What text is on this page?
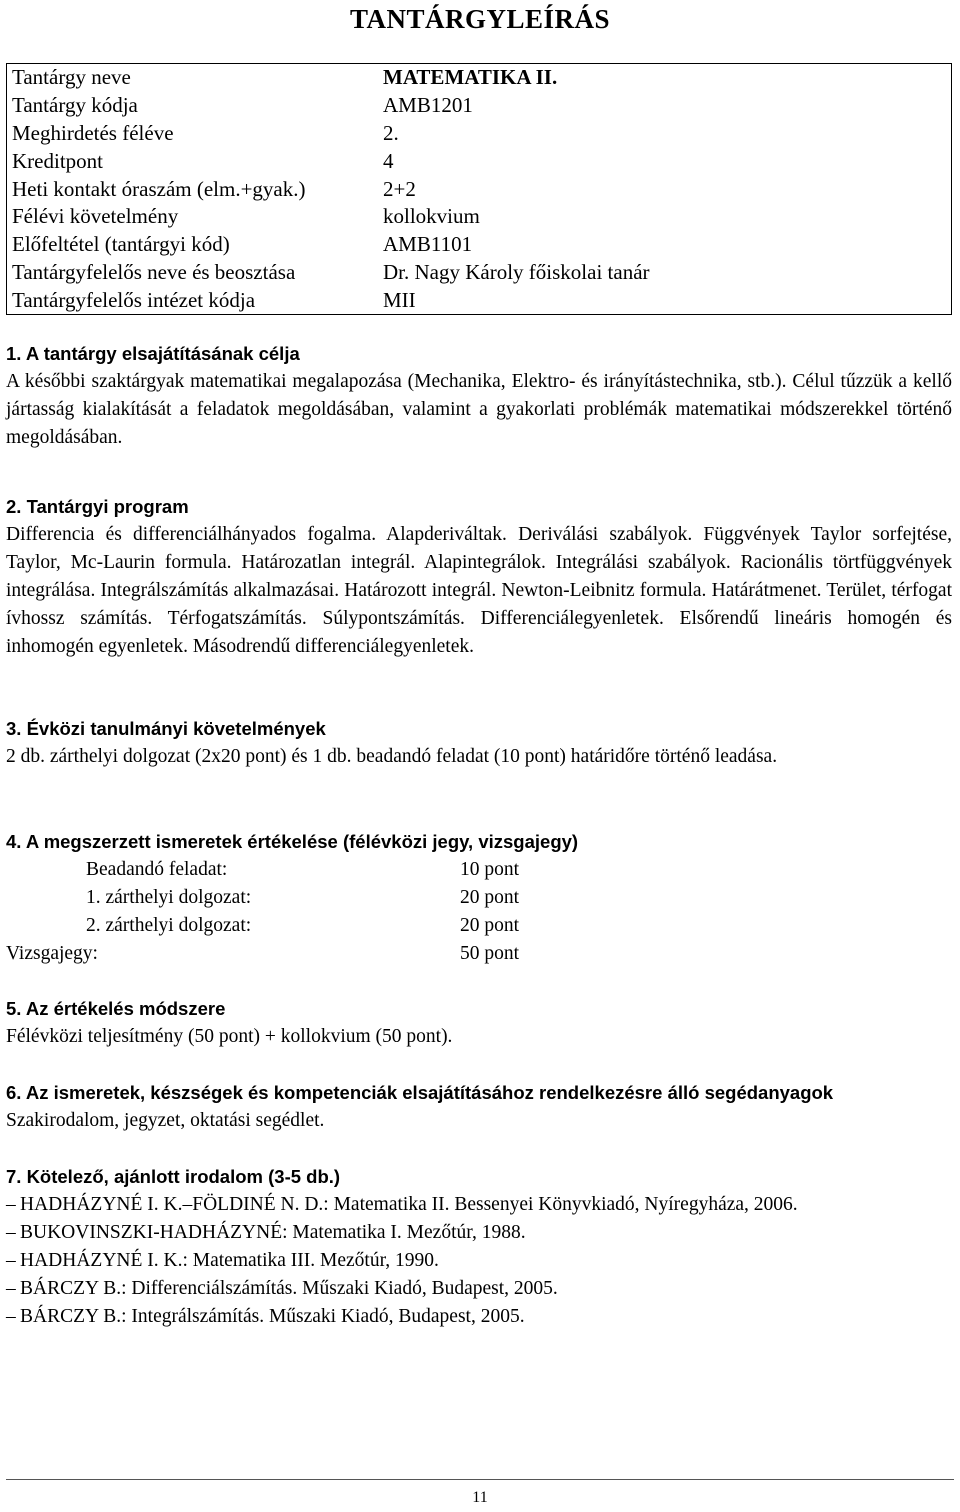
TANTÁRGYLEÍRÁS
Tantárgy neve	MATEMATIKA II.
Tantárgy kódja	AMB1201
Meghirdetés féléve	2.
Kreditpont	4
Heti kontakt óraszám (elm.+gyak.)	2+2
Félévi követelmény	kollokvium
Előfeltétel (tantárgyi kód)	AMB1101
Tantárgyfelelős neve és beosztása	Dr. Nagy Károly főiskolai tanár
Tantárgyfelelős intézet kódja	MII
1. A tantárgy elsajátításának célja

A későbbi szaktárgyak matematikai megalapozása (Mechanika, Elektro- és irányítástechnika, stb.). Célul tűzzük a kellő jártasság kialakítását a feladatok megoldásában, valamint a gyakorlati problémák matematikai módszerekkel történő megoldásában.

2. Tantárgyi program

Differencia és differenciálhányados fogalma. Alapderiváltak. Deriválási szabályok. Függvények Taylor sorfejtése, Taylor, Mc-Laurin formula. Határozatlan integrál. Alapintegrálok. Integrálási szabályok. Racionális törtfüggvények integrálása. Integrálszámítás alkalmazásai. Határozott integrál. Newton-Leibnitz formula. Határátmenet. Terület, térfogat ívhossz számítás. Térfogatszámítás. Súlypontszámítás. Differenciálegyenletek. Elsőrendű lineáris homogén és inhomogén egyenletek. Másodrendű differenciálegyenletek.

3. Évközi tanulmányi követelmények

2 db. zárthelyi dolgozat (2x20 pont) és 1 db. beadandó feladat (10 pont) határidőre történő leadása.

4. A megszerzett ismeretek értékelése (félévközi jegy, vizsgajegy)
Beadandó feladat:	10 pont
1. zárthelyi dolgozat:	20 pont
2. zárthelyi dolgozat:	20 pont
Vizsgajegy:	50 pont
5. Az értékelés módszere

Félévközi teljesítmény (50 pont) + kollokvium (50 pont).

6. Az ismeretek, készségek és kompetenciák elsajátításához rendelkezésre álló segédanyagok

Szakirodalom, jegyzet, oktatási segédlet.

7. Kötelező, ajánlott irodalom (3-5 db.)
– HADHÁZYNÉ I. K.–FÖLDINÉ N. D.: Matematika II. Bessenyei Könyvkiadó, Nyíregyháza, 2006.
– BUKOVINSZKI-HADHÁZYNÉ: Matematika I. Mezőtúr, 1988.
– HADHÁZYNÉ I. K.: Matematika III. Mezőtúr, 1990.
– BÁRCZY B.: Differenciálszámítás. Műszaki Kiadó, Budapest, 2005.
– BÁRCZY B.: Integrálszámítás. Műszaki Kiadó, Budapest, 2005.
11
